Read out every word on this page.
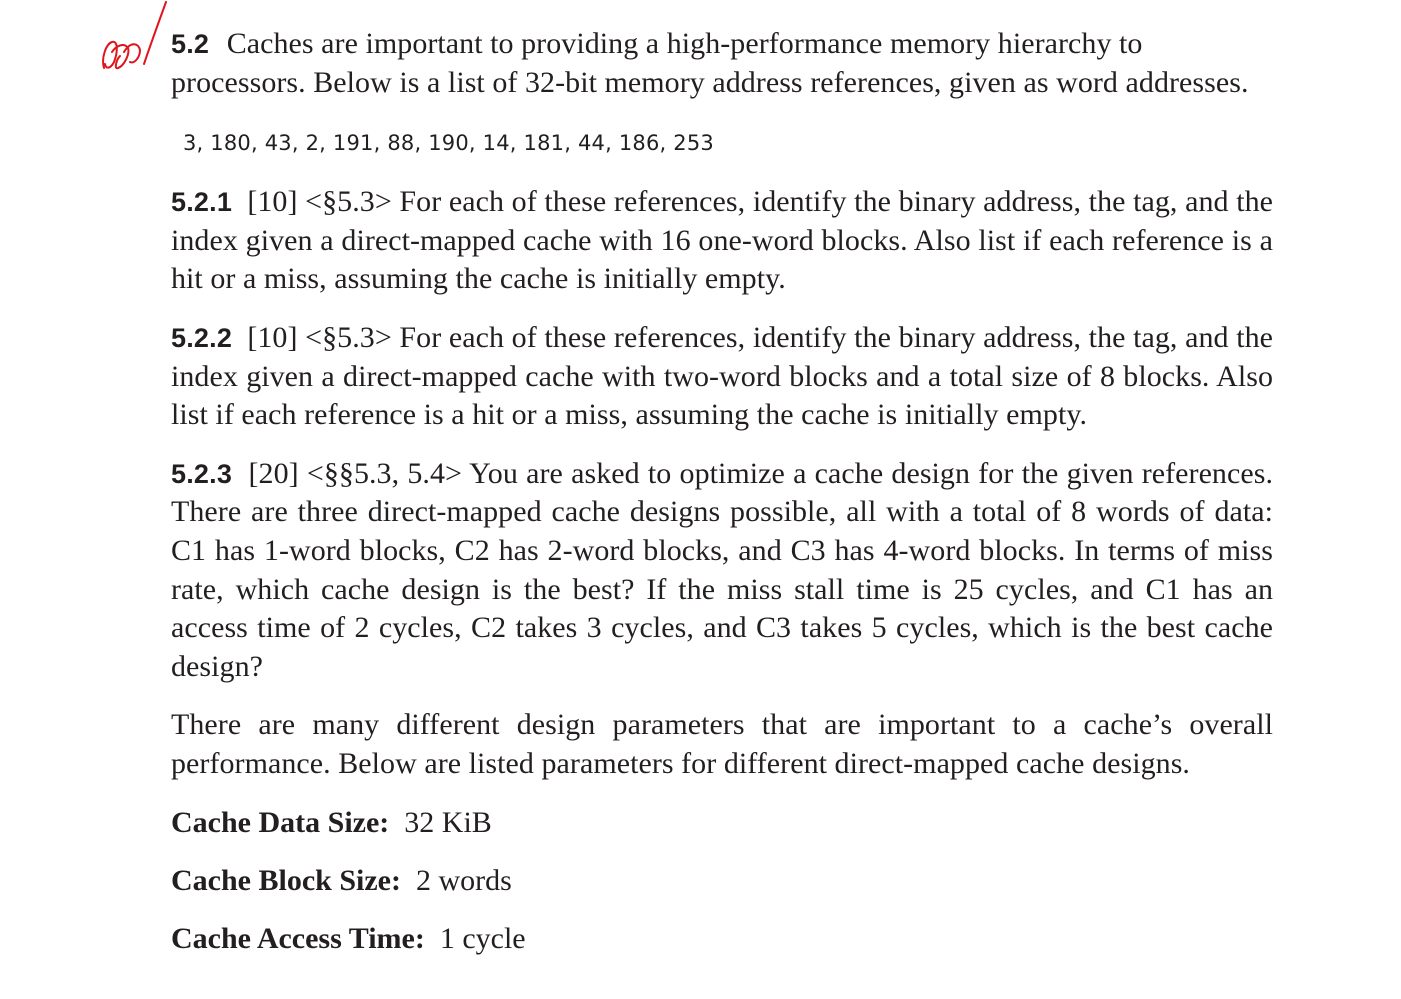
5.2 Caches are important to providing a high-performance memory hierarchy to processors. Below is a list of 32-bit memory address references, given as word addresses.

3, 180, 43, 2, 191, 88, 190, 14, 181, 44, 186, 253

5.2.1 [10] <§5.3> For each of these references, identify the binary address, the tag, and the index given a direct-mapped cache with 16 one-word blocks. Also list if each reference is a hit or a miss, assuming the cache is initially empty.

5.2.2 [10] <§5.3> For each of these references, identify the binary address, the tag, and the index given a direct-mapped cache with two-word blocks and a total size of 8 blocks. Also list if each reference is a hit or a miss, assuming the cache is initially empty.

5.2.3 [20] <§§5.3, 5.4> You are asked to optimize a cache design for the given references. There are three direct-mapped cache designs possible, all with a total of 8 words of data: C1 has 1-word blocks, C2 has 2-word blocks, and C3 has 4-word blocks. In terms of miss rate, which cache design is the best? If the miss stall time is 25 cycles, and C1 has an access time of 2 cycles, C2 takes 3 cycles, and C3 takes 5 cycles, which is the best cache design?

There are many different design parameters that are important to a cache’s overall performance. Below are listed parameters for different direct-mapped cache designs.

Cache Data Size: 32 KiB

Cache Block Size: 2 words

Cache Access Time: 1 cycle
